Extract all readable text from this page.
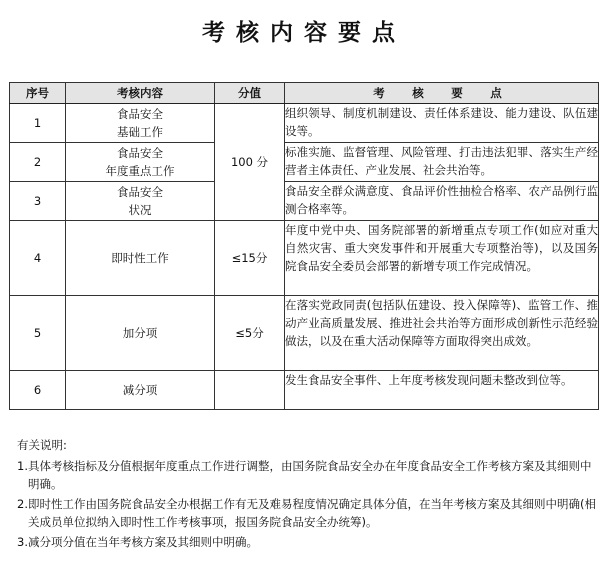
考核内容要点
序号	考核内容	分值	考　核　要　点
1	食品安全
基础工作	100 分	组织领导、制度机制建设、责任体系建设、能力建设、队伍建设等。
2	食品安全
年度重点工作		标准实施、监督管理、风险管理、打击违法犯罪、落实生产经营者主体责任、产业发展、社会共治等。
3	食品安全
状况		食品安全群众满意度、食品评价性抽检合格率、农产品例行监测合格率等。
4	即时性工作	≤15分	年度中党中央、国务院部署的新增重点专项工作(如应对重大自然灾害、重大突发事件和开展重大专项整治等)，以及国务院食品安全委员会部署的新增专项工作完成情况。
5	加分项	≤5分	在落实党政同责(包括队伍建设、投入保障等)、监管工作、推动产业高质量发展、推进社会共治等方面形成创新性示范经验做法，以及在重大活动保障等方面取得突出成效。
6	减分项		发生食品安全事件、上年度考核发现问题未整改到位等。
有关说明:
1. 具体考核指标及分值根据年度重点工作进行调整，由国务院食品安全办在年度食品安全工作考核方案及其细则中明确。
2. 即时性工作由国务院食品安全办根据工作有无及难易程度情况确定具体分值，在当年考核方案及其细则中明确(相关成员单位拟纳入即时性工作考核事项，报国务院食品安全办统筹)。
3. 减分项分值在当年考核方案及其细则中明确。
